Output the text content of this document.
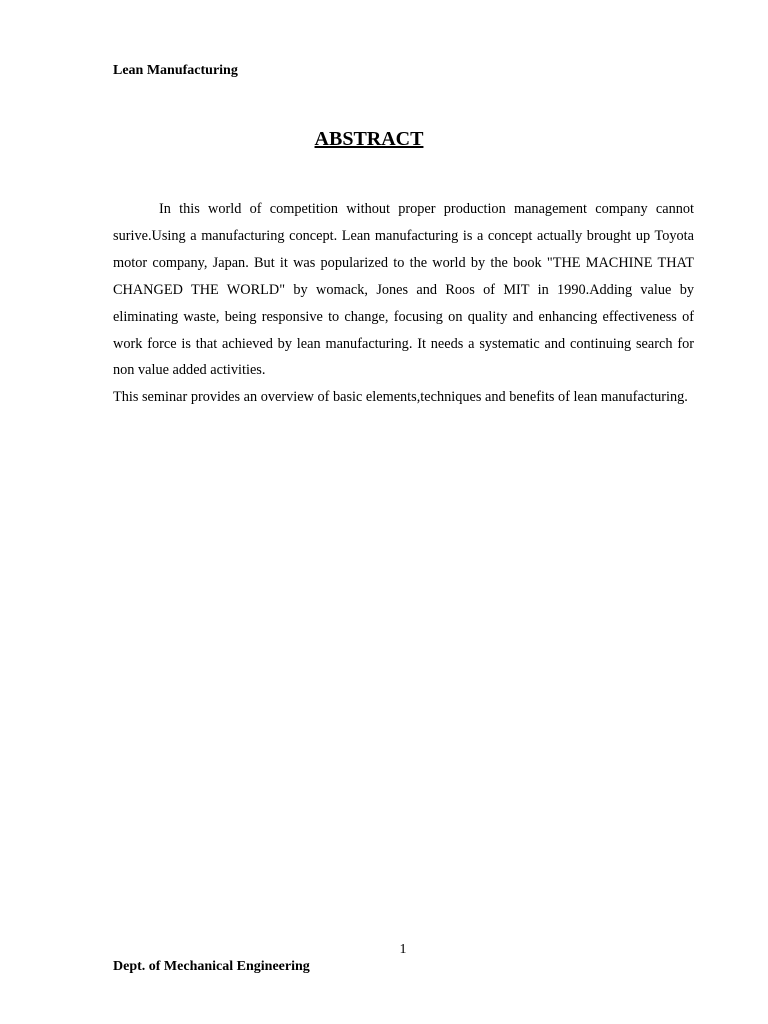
Lean Manufacturing
ABSTRACT

In this world of competition without proper production management company cannot surive.Using a manufacturing concept. Lean manufacturing is a concept actually brought up Toyota motor company, Japan. But it was popularized to the world by the book "THE MACHINE THAT CHANGED THE WORLD" by womack, Jones and Roos of MIT in 1990.Adding value by eliminating waste, being responsive to change, focusing on quality and enhancing effectiveness of work force is that achieved by lean manufacturing. It needs a systematic and continuing search for non value added activities.

This seminar provides an overview of basic elements,techniques and benefits of lean manufacturing.

1
Dept. of Mechanical Engineering
